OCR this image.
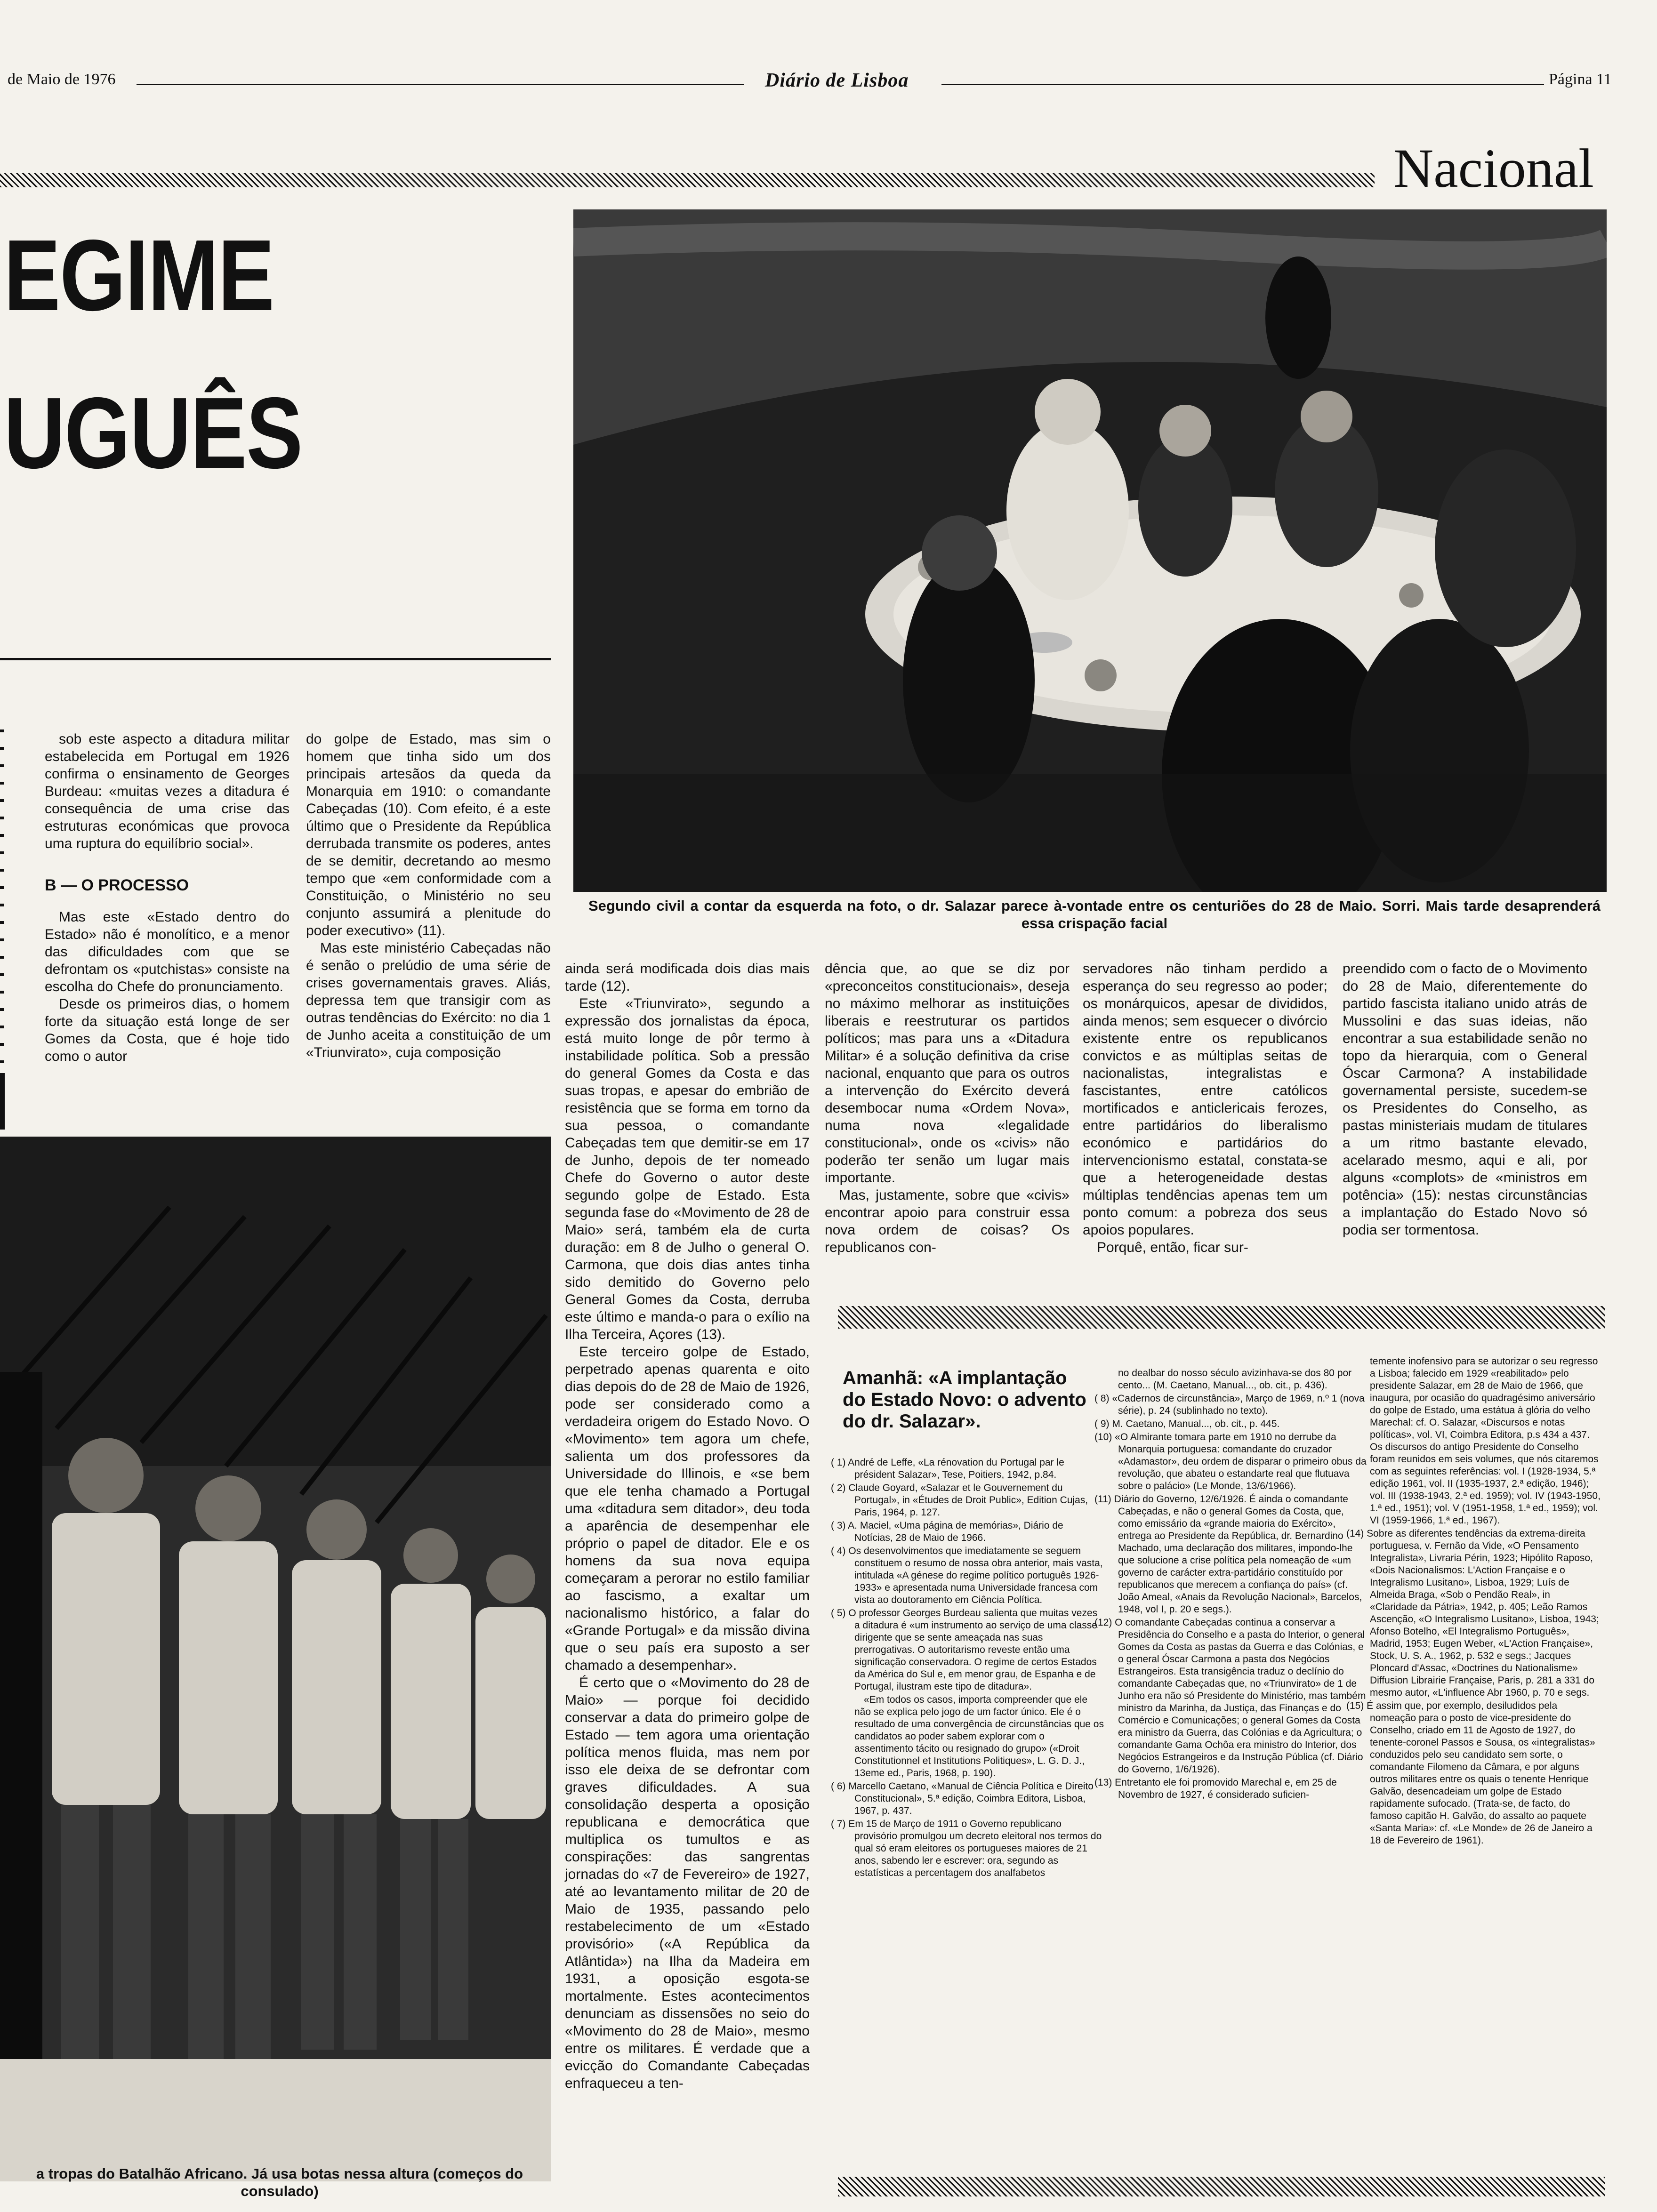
de Maio de 1976	Diário de Lisboa	Página 11
Nacional
EGIME
UGUÊS

sob este aspecto a ditadura militar estabelecida em Portugal em 1926 confirma o ensinamento de Georges Burdeau: «muitas vezes a ditadura é consequência de uma crise das estruturas económicas que provoca uma ruptura do equilíbrio social».

B — O PROCESSO

Mas este «Estado dentro do Estado» não é monolítico, e a menor das dificuldades com que se defrontam os «putchistas» consiste na escolha do Chefe do pronunciamento.

Desde os primeiros dias, o homem forte da situação está longe de ser Gomes da Costa, que é hoje tido como o autor

do golpe de Estado, mas sim o homem que tinha sido um dos principais artesãos da queda da Monarquia em 1910: o comandante Cabeçadas (10). Com efeito, é a este último que o Presidente da República derrubada transmite os poderes, antes de se demitir, decretando ao mesmo tempo que «em conformidade com a Constituição, o Ministério no seu conjunto assumirá a plenitude do poder executivo» (11).

Mas este ministério Cabeçadas não é senão o prelúdio de uma série de crises governamentais graves. Aliás, depressa tem que transigir com as outras tendências do Exército: no dia 1 de Junho aceita a constituição de um «Triunvirato», cuja composição

Segundo civil a contar da esquerda na foto, o dr. Salazar parece à-vontade entre os centuriões do 28 de Maio. Sorri. Mais tarde desaprenderá essa crispação facial
a tropas do Batalhão Africano. Já usa botas nessa altura (começos do consulado)

ainda será modificada dois dias mais tarde (12).

Este «Triunvirato», segundo a expressão dos jornalistas da época, está muito longe de pôr termo à instabilidade política. Sob a pressão do general Gomes da Costa e das suas tropas, e apesar do embrião de resistência que se forma em torno da sua pessoa, o comandante Cabeçadas tem que demitir-se em 17 de Junho, depois de ter nomeado Chefe do Governo o autor deste segundo golpe de Estado. Esta segunda fase do «Movimento de 28 de Maio» será, também ela de curta duração: em 8 de Julho o general O. Carmona, que dois dias antes tinha sido demitido do Governo pelo General Gomes da Costa, derruba este último e manda-o para o exílio na Ilha Terceira, Açores (13).

Este terceiro golpe de Estado, perpetrado apenas quarenta e oito dias depois do de 28 de Maio de 1926, pode ser considerado como a verdadeira origem do Estado Novo. O «Movimento» tem agora um chefe, salienta um dos professores da Universidade do Illinois, e «se bem que ele tenha chamado a Portugal uma «ditadura sem ditador», deu toda a aparência de desempenhar ele próprio o papel de ditador. Ele e os homens da sua nova equipa começaram a perorar no estilo familiar ao fascismo, a exaltar um nacionalismo histórico, a falar do «Grande Portugal» e da missão divina que o seu país era suposto a ser chamado a desempenhar».

É certo que o «Movimento do 28 de Maio» — porque foi decidido conservar a data do primeiro golpe de Estado — tem agora uma orientação política menos fluida, mas nem por isso ele deixa de se defrontar com graves dificuldades. A sua consolidação desperta a oposição republicana e democrática que multiplica os tumultos e as conspirações: das sangrentas jornadas do «7 de Fevereiro» de 1927, até ao levantamento militar de 20 de Maio de 1935, passando pelo restabelecimento de um «Estado provisório» («A República da Atlântida») na Ilha da Madeira em 1931, a oposição esgota-se mortalmente. Estes acontecimentos denunciam as dissensões no seio do «Movimento do 28 de Maio», mesmo entre os militares. É verdade que a evicção do Comandante Cabeçadas enfraqueceu a ten-

dência que, ao que se diz por «preconceitos constitucionais», deseja no máximo melhorar as instituições liberais e reestruturar os partidos políticos; mas para uns a «Ditadura Militar» é a solução definitiva da crise nacional, enquanto que para os outros a intervenção do Exército deverá desembocar numa «Ordem Nova», numa nova «legalidade constitucional», onde os «civis» não poderão ter senão um lugar mais importante.

Mas, justamente, sobre que «civis» encontrar apoio para construir essa nova ordem de coisas? Os republicanos con-

servadores não tinham perdido a esperança do seu regresso ao poder; os monárquicos, apesar de divididos, ainda menos; sem esquecer o divórcio existente entre os republicanos convictos e as múltiplas seitas de nacionalistas, integralistas e fascistantes, entre católicos mortificados e anticlericais ferozes, entre partidários do liberalismo económico e partidários do intervencionismo estatal, constata-se que a heterogeneidade destas múltiplas tendências apenas tem um ponto comum: a pobreza dos seus apoios populares.

Porquê, então, ficar sur-

preendido com o facto de o Movimento do 28 de Maio, diferentemente do partido fascista italiano unido atrás de Mussolini e das suas ideias, não encontrar a sua estabilidade senão no topo da hierarquia, com o General Óscar Carmona? A instabilidade governamental persiste, sucedem-se os Presidentes do Conselho, as pastas ministeriais mudam de titulares a um ritmo bastante elevado, acelarado mesmo, aqui e ali, por alguns «complots» de «ministros em potência» (15): nestas circunstâncias a implantação do Estado Novo só podia ser tormentosa.

Amanhã: «A implantação do Estado Novo: o advento do dr. Salazar».
( 1) André de Leffe, «La rénovation du Portugal par le président Salazar», Tese, Poitiers, 1942, p.84.
( 2) Claude Goyard, «Salazar et le Gouvernement du Portugal», in «Études de Droit Public», Edition Cujas, Paris, 1964, p. 127.
( 3) A. Maciel, «Uma página de memórias», Diário de Notícias, 28 de Maio de 1966.
( 4) Os desenvolvimentos que imediatamente se seguem constituem o resumo de nossa obra anterior, mais vasta, intitulada «A génese do regime político português 1926-1933» e apresentada numa Universidade francesa com vista ao doutoramento em Ciência Política.
( 5) O professor Georges Burdeau salienta que muitas vezes a ditadura é «um instrumento ao serviço de uma classe dirigente que se sente ameaçada nas suas prerrogativas. O autoritarismo reveste então uma significação conservadora. O regime de certos Estados da América do Sul e, em menor grau, de Espanha e de Portugal, ilustram este tipo de ditadura».
«Em todos os casos, importa compreender que ele não se explica pelo jogo de um factor único. Ele é o resultado de uma convergência de circunstâncias que os candidatos ao poder sabem explorar com o assentimento tácito ou resignado do grupo» («Droit Constitutionnel et Institutions Politiques», L. G. D. J., 13eme ed., Paris, 1968, p. 190).
( 6) Marcello Caetano, «Manual de Ciência Política e Direito Constitucional», 5.ª edição, Coimbra Editora, Lisboa, 1967, p. 437.
( 7) Em 15 de Março de 1911 o Governo republicano provisório promulgou um decreto eleitoral nos termos do qual só eram eleitores os portugueses maiores de 21 anos, sabendo ler e escrever: ora, segundo as estatísticas a percentagem dos analfabetos
no dealbar do nosso século avizinhava-se dos 80 por cento... (M. Caetano, Manual..., ob. cit., p. 436).
( 8) «Cadernos de circunstância», Março de 1969, n.º 1 (nova série), p. 24 (sublinhado no texto).
( 9) M. Caetano, Manual..., ob. cit., p. 445.
(10) «O Almirante tomara parte em 1910 no derrube da Monarquia portuguesa: comandante do cruzador «Adamastor», deu ordem de disparar o primeiro obus da revolução, que abateu o estandarte real que flutuava sobre o palácio» (Le Monde, 13/6/1966).
(11) Diário do Governo, 12/6/1926. É ainda o comandante Cabeçadas, e não o general Gomes da Costa, que, como emissário da «grande maioria do Exército», entrega ao Presidente da República, dr. Bernardino Machado, uma declaração dos militares, impondo-lhe que solucione a crise política pela nomeação de «um governo de carácter extra-partidário constituído por republicanos que merecem a confiança do país» (cf. João Ameal, «Anais da Revolução Nacional», Barcelos, 1948, vol I, p. 20 e segs.).
(12) O comandante Cabeçadas continua a conservar a Presidência do Conselho e a pasta do Interior, o general Gomes da Costa as pastas da Guerra e das Colónias, e o general Óscar Carmona a pasta dos Negócios Estrangeiros. Esta transigência traduz o declínio do comandante Cabeçadas que, no «Triunvirato» de 1 de Junho era não só Presidente do Ministério, mas também ministro da Marinha, da Justiça, das Finanças e do Comércio e Comunicações; o general Gomes da Costa era ministro da Guerra, das Colónias e da Agricultura; o comandante Gama Ochôa era ministro do Interior, dos Negócios Estrangeiros e da Instrução Pública (cf. Diário do Governo, 1/6/1926).
(13) Entretanto ele foi promovido Marechal e, em 25 de Novembro de 1927, é considerado suficien-
temente inofensivo para se autorizar o seu regresso a Lisboa; falecido em 1929 «reabilitado» pelo presidente Salazar, em 28 de Maio de 1966, que inaugura, por ocasião do quadragésimo aniversário do golpe de Estado, uma estátua à glória do velho Marechal: cf. O. Salazar, «Discursos e notas políticas», vol. VI, Coimbra Editora, p.s 434 a 437. Os discursos do antigo Presidente do Conselho foram reunidos em seis volumes, que nós citaremos com as seguintes referências: vol. I (1928-1934, 5.ª edição 1961, vol. II (1935-1937, 2.ª edição, 1946); vol. III (1938-1943, 2.ª ed. 1959); vol. IV (1943-1950, 1.ª ed., 1951); vol. V (1951-1958, 1.ª ed., 1959); vol. VI (1959-1966, 1.ª ed., 1967).
(14) Sobre as diferentes tendências da extrema-direita portuguesa, v. Fernão da Vide, «O Pensamento Integralista», Livraria Périn, 1923; Hipólito Raposo, «Dois Nacionalismos: L'Action Française e o Integralismo Lusitano», Lisboa, 1929; Luís de Almeida Braga, «Sob o Pendão Real», in «Claridade da Pátria», 1942, p. 405; Leão Ramos Ascenção, «O Integralismo Lusitano», Lisboa, 1943; Afonso Botelho, «El Integralismo Português», Madrid, 1953; Eugen Weber, «L'Action Française», Stock, U. S. A., 1962, p. 532 e segs.; Jacques Ploncard d'Assac, «Doctrines du Nationalisme» Diffusion Librairie Française, Paris, p. 281 a 331 do mesmo autor, «L'influence Abr 1960, p. 70 e segs.
(15) É assim que, por exemplo, desiludidos pela nomeação para o posto de vice-presidente do Conselho, criado em 11 de Agosto de 1927, do tenente-coronel Passos e Sousa, os «integralistas» conduzidos pelo seu candidato sem sorte, o comandante Filomeno da Câmara, e por alguns outros militares entre os quais o tenente Henrique Galvão, desencadeiam um golpe de Estado rapidamente sufocado. (Trata-se, de facto, do famoso capitão H. Galvão, do assalto ao paquete «Santa Maria»: cf. «Le Monde» de 26 de Janeiro a 18 de Fevereiro de 1961).
